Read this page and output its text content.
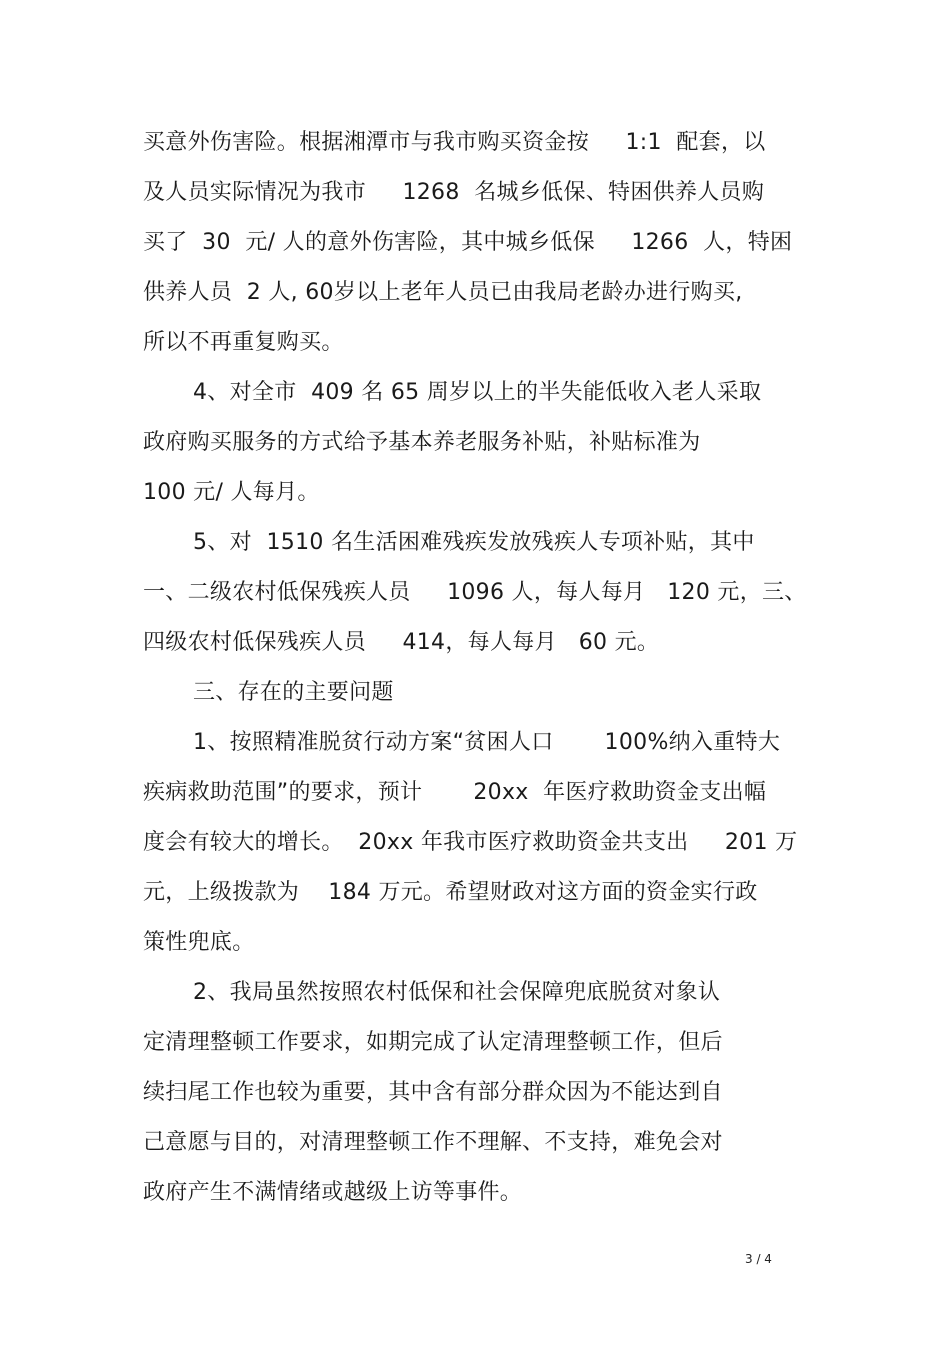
买意外伤害险。根据湘潭市与我市购买资金按     1:1  配套，以
及人员实际情况为我市     1268  名城乡低保、特困供养人员购
买了  30  元/ 人的意外伤害险，其中城乡低保     1266  人，特困
供养人员  2 人, 60岁以上老年人员已由我局老龄办进行购买,
所以不再重复购买。
4、对全市  409 名 65 周岁以上的半失能低收入老人采取
政府购买服务的方式给予基本养老服务补贴，补贴标准为
100 元/ 人每月。
5、对  1510 名生活困难残疾发放残疾人专项补贴，其中
一、二级农村低保残疾人员     1096 人，每人每月   120 元，三、
四级农村低保残疾人员     414，每人每月   60 元。
三、存在的主要问题
1、按照精准脱贫行动方案“贫困人口       100%纳入重特大
疾病救助范围”的要求，预计       20xx  年医疗救助资金支出幅
度会有较大的增长。  20xx 年我市医疗救助资金共支出     201 万
元，上级拨款为    184 万元。希望财政对这方面的资金实行政
策性兜底。
2、我局虽然按照农村低保和社会保障兜底脱贫对象认
定清理整顿工作要求，如期完成了认定清理整顿工作，但后
续扫尾工作也较为重要，其中含有部分群众因为不能达到自
己意愿与目的，对清理整顿工作不理解、不支持，难免会对
政府产生不满情绪或越级上访等事件。
3 / 4
